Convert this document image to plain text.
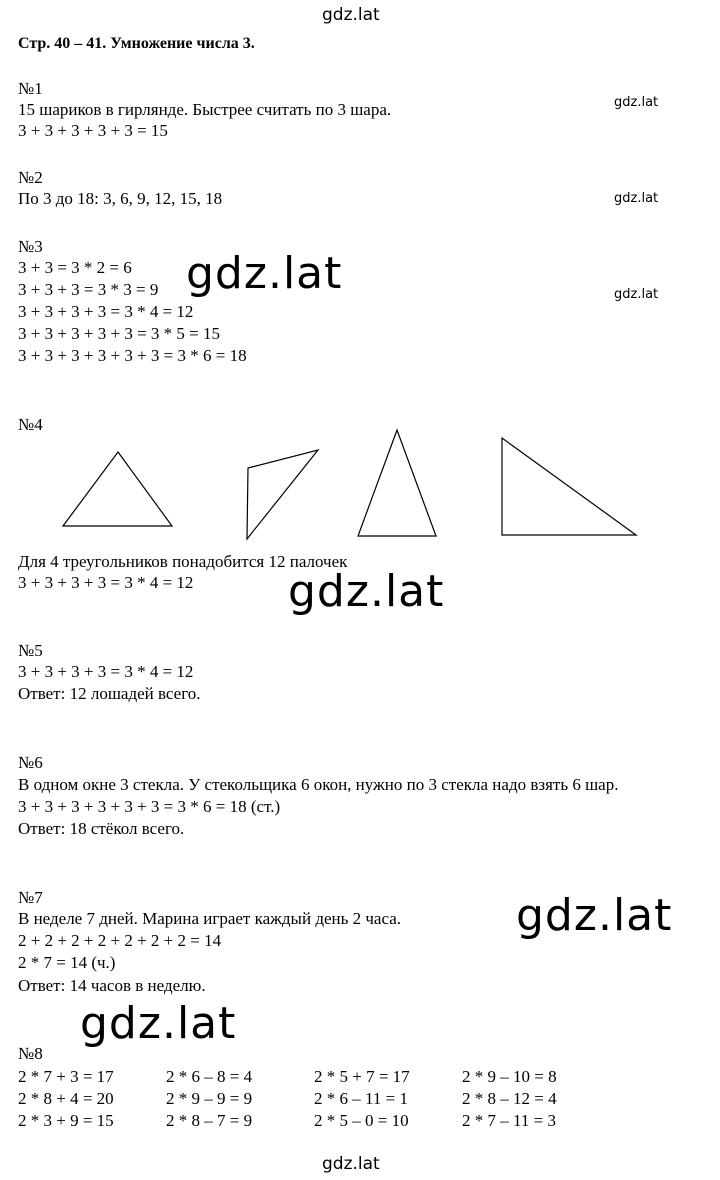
gdz.lat
gdz.lat
gdz.lat
gdz.lat
Стр. 40 – 41. Умножение числа 3.
№1
15 шариков в гирлянде. Быстрее считать по 3 шара.
3 + 3 + 3 + 3 + 3 = 15
№2
По 3 до 18: 3, 6, 9, 12, 15, 18
№3
3 + 3 = 3 * 2 = 6
3 + 3 + 3 = 3 * 3 = 9
3 + 3 + 3 + 3 = 3 * 4 = 12
3 + 3 + 3 + 3 + 3 = 3 * 5 = 15
3 + 3 + 3 + 3 + 3 + 3 = 3 * 6 = 18
gdz.lat
№4
Для 4 треугольников понадобится 12 палочек
3 + 3 + 3 + 3 = 3 * 4 = 12 gdz.lat
№5
3 + 3 + 3 + 3 = 3 * 4 = 12
Ответ: 12 лошадей всего.
№6
В одном окне 3 стекла. У стекольщика 6 окон, нужно по 3 стекла надо взять 6 шар.
3 + 3 + 3 + 3 + 3 + 3 = 3 * 6 = 18 (ст.)
Ответ: 18 стёкол всего.
№7
В неделе 7 дней. Марина играет каждый день 2 часа.
2 + 2 + 2 + 2 + 2 + 2 + 2 = 14
2 * 7 = 14 (ч.)
Ответ: 14 часов в неделю.
gdz.lat
gdz.lat
№8
2 * 7 + 3 = 17	2 * 6 – 8 = 4	2 * 5 + 7 = 17	2 * 9 – 10 = 8
2 * 8 + 4 = 20	2 * 9 – 9 = 9	2 * 6 – 11 = 1	2 * 8 – 12 = 4
2 * 3 + 9 = 15	2 * 8 – 7 = 9	2 * 5 – 0 = 10	2 * 7 – 11 = 3
gdz.lat
